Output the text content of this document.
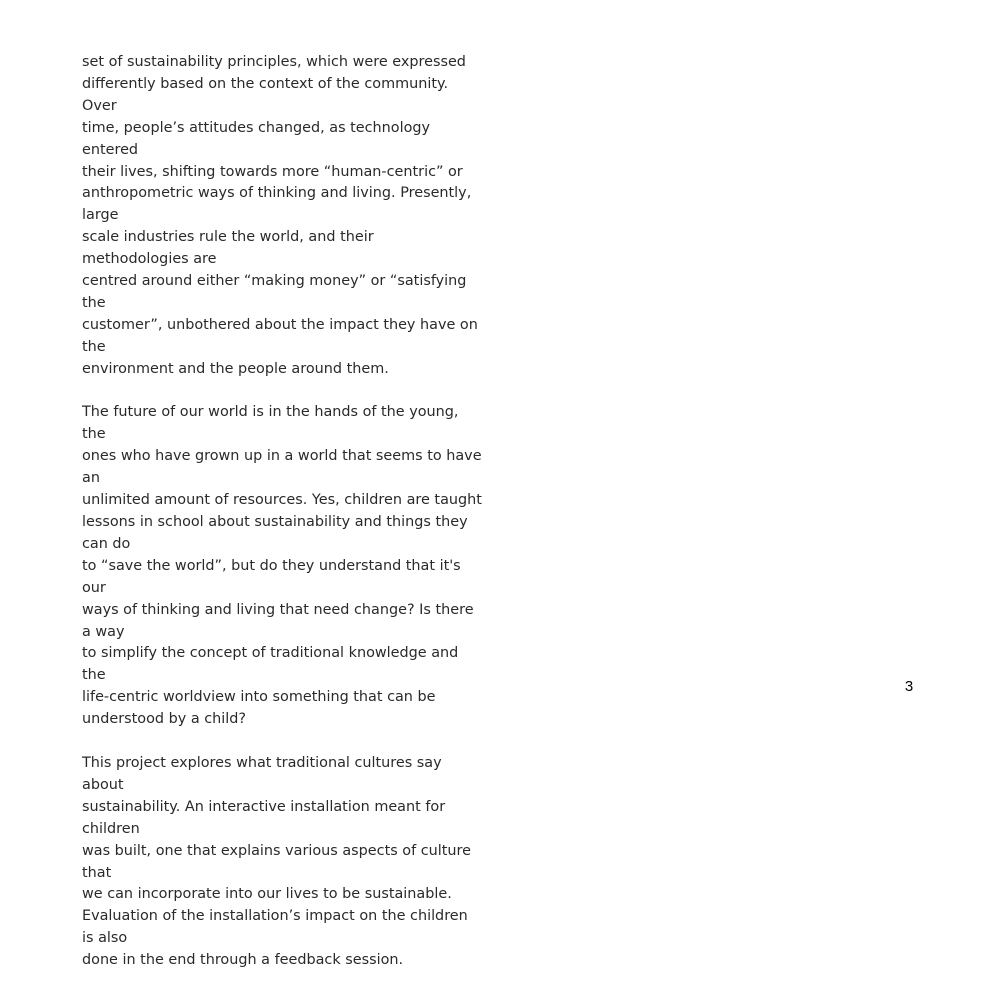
set of sustainability principles, which were expressed
differently based on the context of the community. Over
time, people’s attitudes changed, as technology entered
their lives, shifting towards more “human-centric” or
anthropometric ways of thinking and living. Presently, large
scale industries rule the world, and their methodologies are
centred around either “making money” or “satisfying the
customer”, unbothered about the impact they have on the
environment and the people around them.

The future of our world is in the hands of the young, the
ones who have grown up in a world that seems to have an
unlimited amount of resources. Yes, children are taught
lessons in school about sustainability and things they can do
to “save the world”, but do they understand that it's our
ways of thinking and living that need change? Is there a way
to simplify the concept of traditional knowledge and the
life-centric worldview into something that can be
understood by a child?

This project explores what traditional cultures say about
sustainability. An interactive installation meant for children
was built, one that explains various aspects of culture that
we can incorporate into our lives to be sustainable.
Evaluation of the installation’s impact on the children is also
done in the end through a feedback session.

3
